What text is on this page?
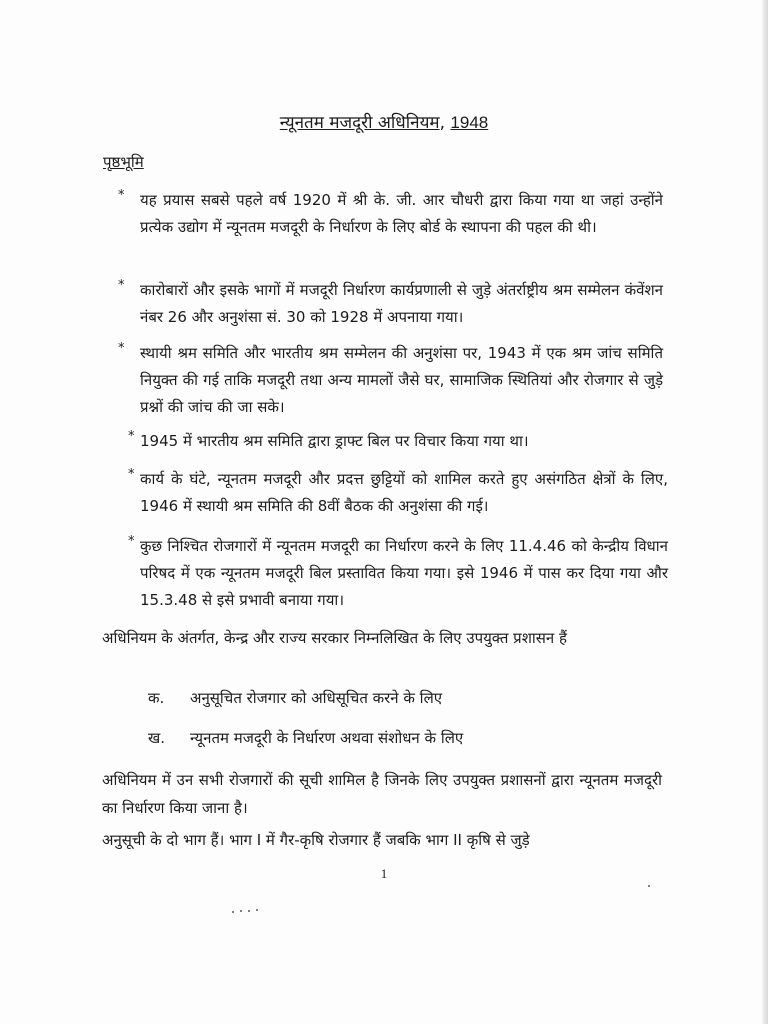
न्यूनतम मजदूरी अधिनियम, 1948
पृष्ठभूमि
* यह प्रयास सबसे पहले वर्ष 1920 में श्री के. जी. आर चौधरी द्वारा किया गया था जहां उन्होंने प्रत्येक उद्योग में न्यूनतम मजदूरी के निर्धारण के लिए बोर्ड के स्थापना की पहल की थी।
* कारोबारों और इसके भागों में मजदूरी निर्धारण कार्यप्रणाली से जुड़े अंतर्राष्ट्रीय श्रम सम्मेलन कंवेंशन नंबर 26 और अनुशंसा सं. 30 को 1928 में अपनाया गया।
* स्थायी श्रम समिति और भारतीय श्रम सम्मेलन की अनुशंसा पर, 1943 में एक श्रम जांच समिति नियुक्त की गई ताकि मजदूरी तथा अन्य मामलों जैसे घर, सामाजिक स्थितियां और रोजगार से जुड़े प्रश्नों की जांच की जा सके।
* 1945 में भारतीय श्रम समिति द्वारा ड्राफ्ट बिल पर विचार किया गया था।
* कार्य के घंटे, न्यूनतम मजदूरी और प्रदत्त छुट्टियों को शामिल करते हुए असंगठित क्षेत्रों के लिए, 1946 में स्थायी श्रम समिति की 8वीं बैठक की अनुशंसा की गई।
* कुछ निश्चित रोजगारों में न्यूनतम मजदूरी का निर्धारण करने के लिए 11.4.46 को केन्द्रीय विधान परिषद में एक न्यूनतम मजदूरी बिल प्रस्तावित किया गया। इसे 1946 में पास कर दिया गया और 15.3.48 से इसे प्रभावी बनाया गया।
अधिनियम के अंतर्गत, केन्द्र और राज्य सरकार निम्नलिखित के लिए उपयुक्त प्रशासन हैं
क. अनुसूचित रोजगार को अधिसूचित करने के लिए
ख. न्यूनतम मजदूरी के निर्धारण अथवा संशोधन के लिए
अधिनियम में उन सभी रोजगारों की सूची शामिल है जिनके लिए उपयुक्त प्रशासनों द्वारा न्यूनतम मजदूरी का निर्धारण किया जाना है।
अनुसूची के दो भाग हैं। भाग I में गैर-कृषि रोजगार हैं जबकि भाग II कृषि से जुड़े
1
